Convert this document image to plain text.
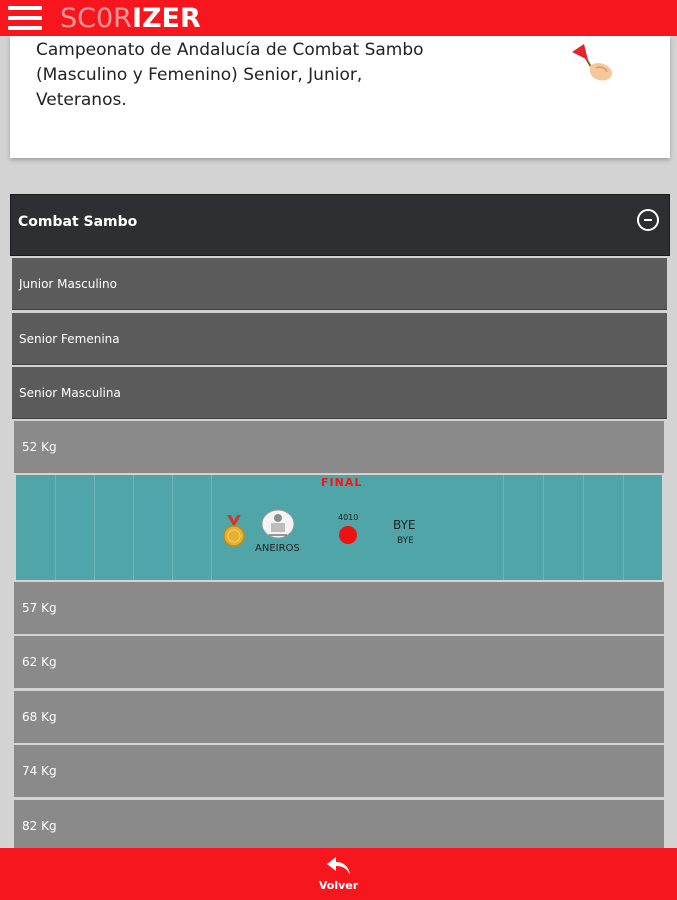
SC0R IZER
Campeonato de Andalucía de Combat Sambo (Masculino y Femenino) Senior, Junior, Veteranos.
Combat Sambo
Junior Masculino
Senior Femenina
Senior Masculina
52 Kg
FINAL
ANEIROS
4010
BYE
BYE
57 Kg
62 Kg
68 Kg
74 Kg
82 Kg
Volver
